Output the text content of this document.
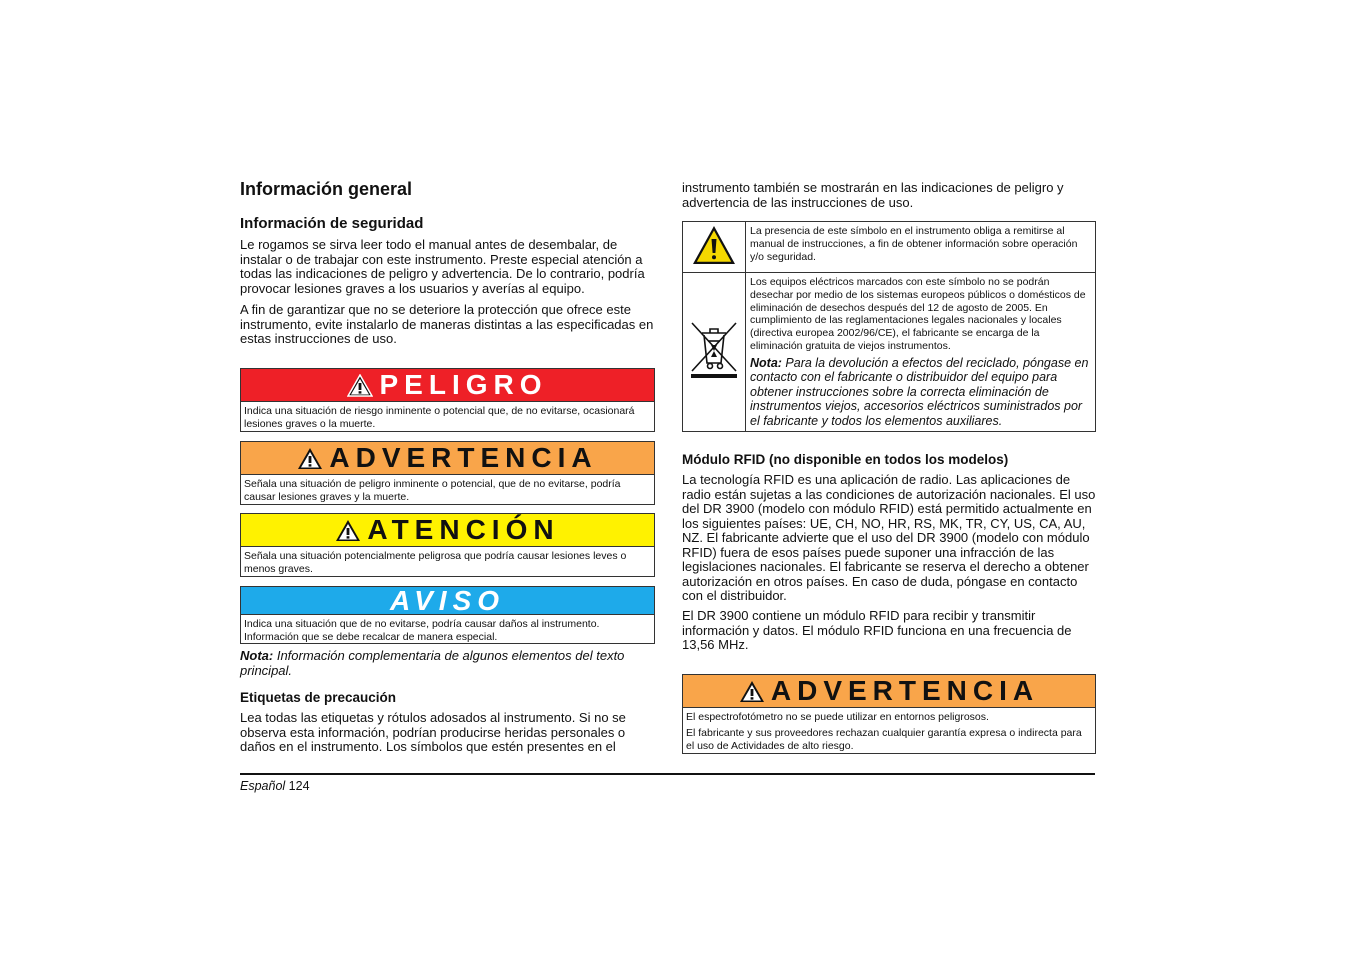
Información general
Información de seguridad

Le rogamos se sirva leer todo el manual antes de desembalar, de instalar o de trabajar con este instrumento. Preste especial atención a todas las indicaciones de peligro y advertencia. De lo contrario, podría provocar lesiones graves a los usuarios y averías al equipo.

A fin de garantizar que no se deteriore la protección que ofrece este instrumento, evite instalarlo de maneras distintas a las especificadas en estas instrucciones de uso.

PELIGRO
Indica una situación de riesgo inminente o potencial que, de no evitarse, ocasionará lesiones graves o la muerte.
ADVERTENCIA
Señala una situación de peligro inminente o potencial, que de no evitarse, podría causar lesiones graves y la muerte.
ATENCIÓN
Señala una situación potencialmente peligrosa que podría causar lesiones leves o menos graves.
AVISO
Indica una situación que de no evitarse, podría causar daños al instrumento. Información que se debe recalcar de manera especial.

Nota: Información complementaria de algunos elementos del texto principal.

Etiquetas de precaución

Lea todas las etiquetas y rótulos adosados al instrumento. Si no se observa esta información, podrían producirse heridas personales o daños en el instrumento. Los símbolos que estén presentes en el

instrumento también se mostrarán en las indicaciones de peligro y advertencia de las instrucciones de uso.

La presencia de este símbolo en el instrumento obliga a remitirse al manual de instrucciones, a fin de obtener información sobre operación y/o seguridad.

Los equipos eléctricos marcados con este símbolo no se podrán desechar por medio de los sistemas europeos públicos o domésticos de eliminación de desechos después del 12 de agosto de 2005. En cumplimiento de las reglamentaciones legales nacionales y locales (directiva europea 2002/96/CE), el fabricante se encarga de la eliminación gratuita de viejos instrumentos.

Nota: Para la devolución a efectos del reciclado, póngase en contacto con el fabricante o distribuidor del equipo para obtener instrucciones sobre la correcta eliminación de instrumentos viejos, accesorios eléctricos suministrados por el fabricante y todos los elementos auxiliares.

Módulo RFID (no disponible en todos los modelos)

La tecnología RFID es una aplicación de radio. Las aplicaciones de radio están sujetas a las condiciones de autorización nacionales. El uso del DR 3900 (modelo con módulo RFID) está permitido actualmente en los siguientes países: UE, CH, NO, HR, RS, MK, TR, CY, US, CA, AU, NZ. El fabricante advierte que el uso del DR 3900 (modelo con módulo RFID) fuera de esos países puede suponer una infracción de las legislaciones nacionales. El fabricante se reserva el derecho a obtener autorización en otros países. En caso de duda, póngase en contacto con el distribuidor.

El DR 3900 contiene un módulo RFID para recibir y transmitir información y datos. El módulo RFID funciona en una frecuencia de 13,56 MHz.

ADVERTENCIA

El espectrofotómetro no se puede utilizar en entornos peligrosos.

El fabricante y sus proveedores rechazan cualquier garantía expresa o indirecta para el uso de Actividades de alto riesgo.

Español 124
